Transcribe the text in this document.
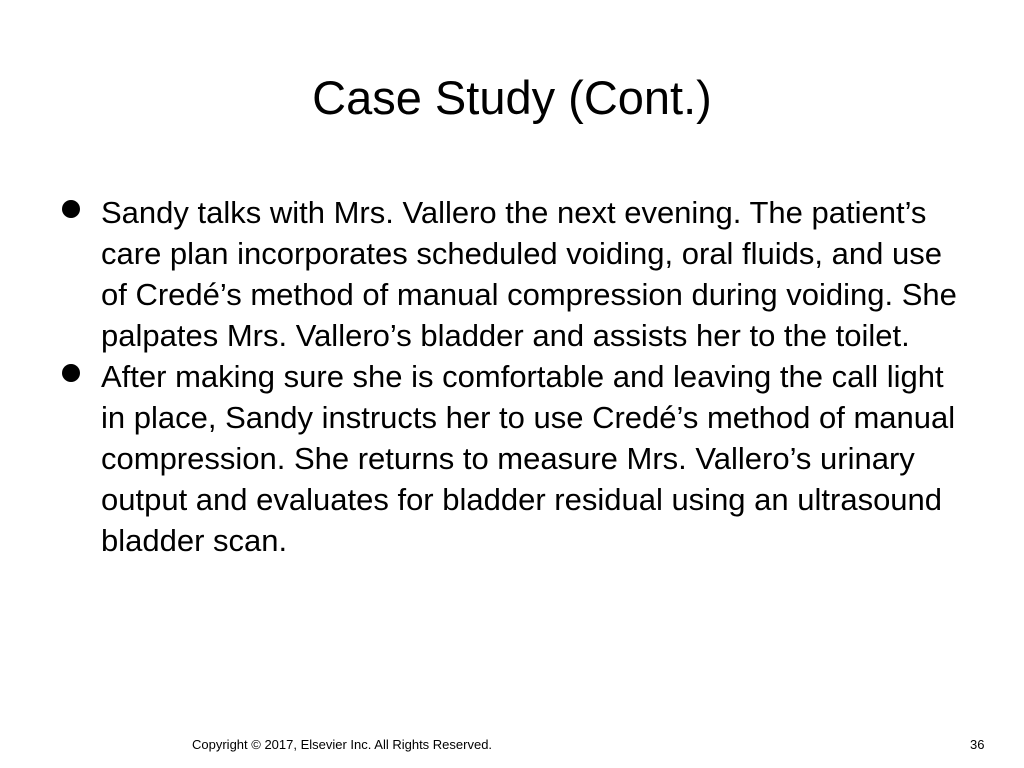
Case Study (Cont.)
Sandy talks with Mrs. Vallero the next evening. The patient’s care plan incorporates scheduled voiding, oral fluids, and use of Credé’s method of manual compression during voiding. She palpates Mrs. Vallero’s bladder and assists her to the toilet.
After making sure she is comfortable and leaving the call light in place, Sandy instructs her to use Credé’s method of manual compression. She returns to measure Mrs. Vallero’s urinary output and evaluates for bladder residual using an ultrasound bladder scan.
Copyright © 2017, Elsevier Inc. All Rights Reserved.	36
